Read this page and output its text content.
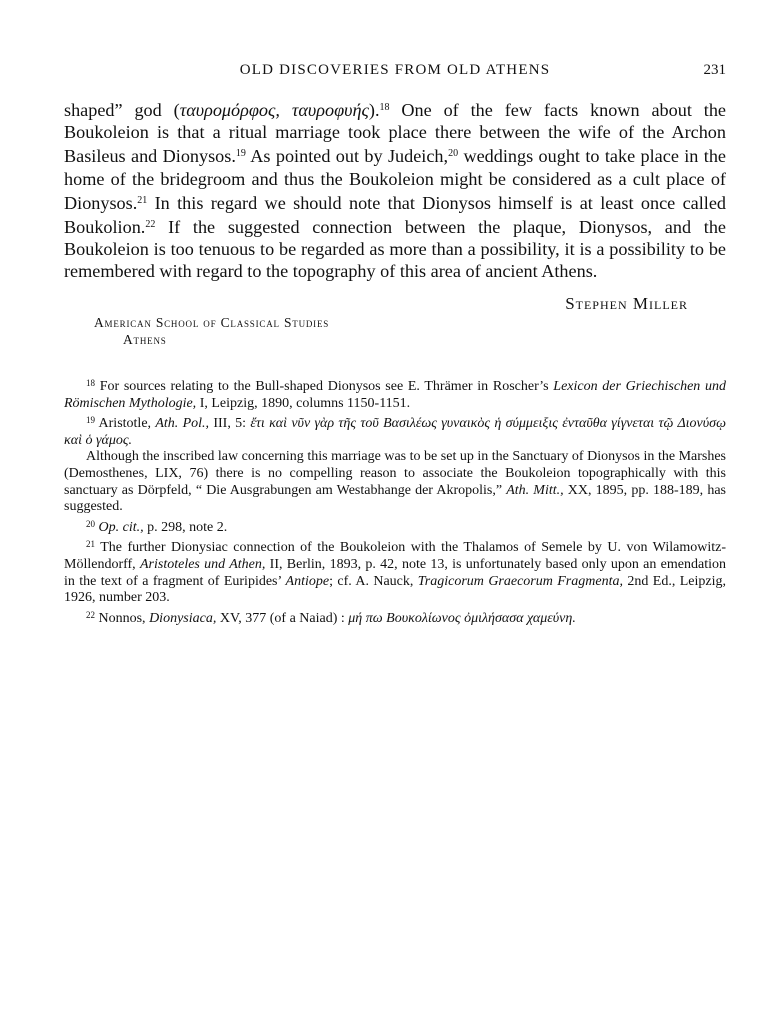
OLD DISCOVERIES FROM OLD ATHENS	231

shaped” god (ταυρομόρφος, ταυροφυής).$^{18}$ One of the few facts known about the Boukoleion is that a ritual marriage took place there between the wife of the Archon Basileus and Dionysos.$^{19}$ As pointed out by Judeich,$^{20}$ weddings ought to take place in the home of the bridegroom and thus the Boukoleion might be considered as a cult place of Dionysos.$^{21}$ In this regard we should note that Dionysos himself is at least once called Boukolion.$^{22}$ If the suggested connection between the plaque, Dionysos, and the Boukoleion is too tenuous to be regarded as more than a possibility, it is a possibility to be remembered with regard to the topography of this area of ancient Athens.

Stephen Miller
American School of Classical Studies
Athens

$^{18}$ For sources relating to the Bull-shaped Dionysos see E. Thrämer in Roscher’s Lexicon der Griechischen und Römischen Mythologie, I, Leipzig, 1890, columns 1150-1151.

$^{19}$ Aristotle, Ath. Pol., III, 5: ἔτι καὶ νῦν γὰρ τῆς τοῦ Βασιλέως γυναικὸς ἡ σύμμειξις ἐνταῦθα γίγνεται τῷ Διονύσῳ καὶ ὁ γάμος.

Although the inscribed law concerning this marriage was to be set up in the Sanctuary of Dionysos in the Marshes (Demosthenes, LIX, 76) there is no compelling reason to associate the Boukoleion topographically with this sanctuary as Dörpfeld, “ Die Ausgrabungen am Westabhange der Akropolis,” Ath. Mitt., XX, 1895, pp. 188-189, has suggested.

$^{20}$ Op. cit., p. 298, note 2.

$^{21}$ The further Dionysiac connection of the Boukoleion with the Thalamos of Semele by U. von Wilamowitz-Möllendorff, Aristoteles und Athen, II, Berlin, 1893, p. 42, note 13, is unfortunately based only upon an emendation in the text of a fragment of Euripides’ Antiope; cf. A. Nauck, Tragicorum Graecorum Fragmenta, 2nd Ed., Leipzig, 1926, number 203.

$^{22}$ Nonnos, Dionysiaca, XV, 377 (of a Naiad) : μή πω Βουκολίωνος ὀμιλήσασα χαμεύνη.
